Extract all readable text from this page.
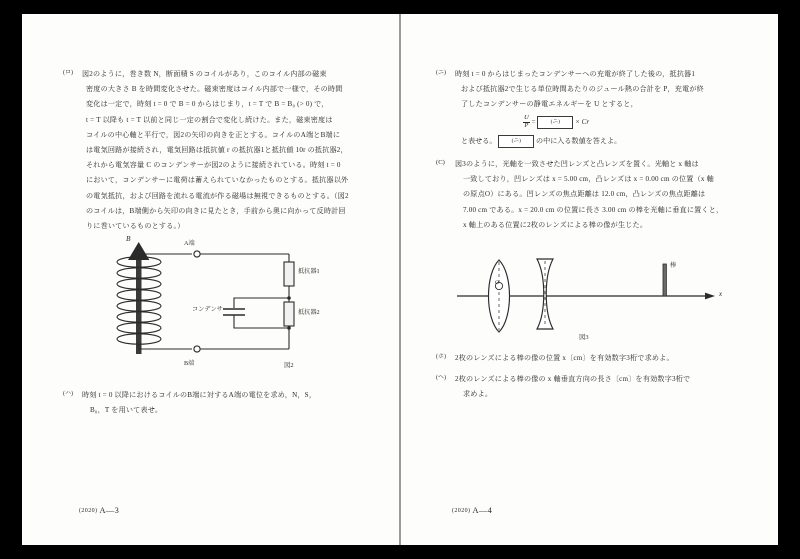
(ロ) 図2のように，巻き数 N，断面積 S のコイルがあり，このコイル内部の磁束
密度の大きさ B を時間変化させた。磁束密度はコイル内部で一様で，その時間
変化は一定で，時刻 t = 0 で B = 0 からはじまり，t = T で B = B₀ (> 0) で，
t = T 以降も t = T 以前と同じ一定の割合で変化し続けた。また，磁束密度は
コイルの中心軸と平行で，図2の矢印の向きを正とする。コイルのA端とB端に
は電気回路が接続され，電気回路は抵抗値 r の抵抗器1と抵抗値 10r の抵抗器2，
それから電気容量 C のコンデンサーが図2のように接続されている。時刻 t = 0
において，コンデンサーに電荷は蓄えられていなかったものとする。抵抗器以外
の電気抵抗，および回路を流れる電流が作る磁場は無視できるものとする。（図2
のコイルは，B端側から矢印の向きに見たとき，手前から奥に向かって反時計回
りに巻いているものとする。）
B
A端
B端
コンデンサー
抵抗器1
抵抗器2
図2
(ハ) 時刻 t = 0 以降におけるコイルのB端に対するA端の電位を求め，N，S，
B₀，T を用いて表せ。
(2020) A—3
(ニ) 時刻 t = 0 からはじまったコンデンサーへの充電が終了した後の，抵抗器1
および抵抗器2で生じる単位時間あたりのジュール熱の合計を P，充電が終
了したコンデンサーの静電エネルギーを U とすると，
$\frac{U}{P}$ =	(ニ) × Cr
と表せる。	(ニ) の中に入る数値を答えよ。
(C) 図3のように，光軸を一致させた凹レンズと凸レンズを置く。光軸と x 軸は
一致しており，凹レンズは x = 5.00 cm，凸レンズは x = 0.00 cm の位置（x 軸
の原点O）にある。凹レンズの焦点距離は 12.0 cm，凸レンズの焦点距離は
7.00 cm である。x = 20.0 cm の位置に長さ 3.00 cm の棒を光軸に垂直に置くと，
x 軸上のある位置に2枚のレンズによる棒の像が生じた。
O
x
棒
図3
(ホ) 2枚のレンズによる棒の像の位置 x〔cm〕を有効数字3桁で求めよ。
(ヘ) 2枚のレンズによる棒の像の x 軸垂直方向の長さ〔cm〕を有効数字3桁で
求めよ。
(2020) A—4
